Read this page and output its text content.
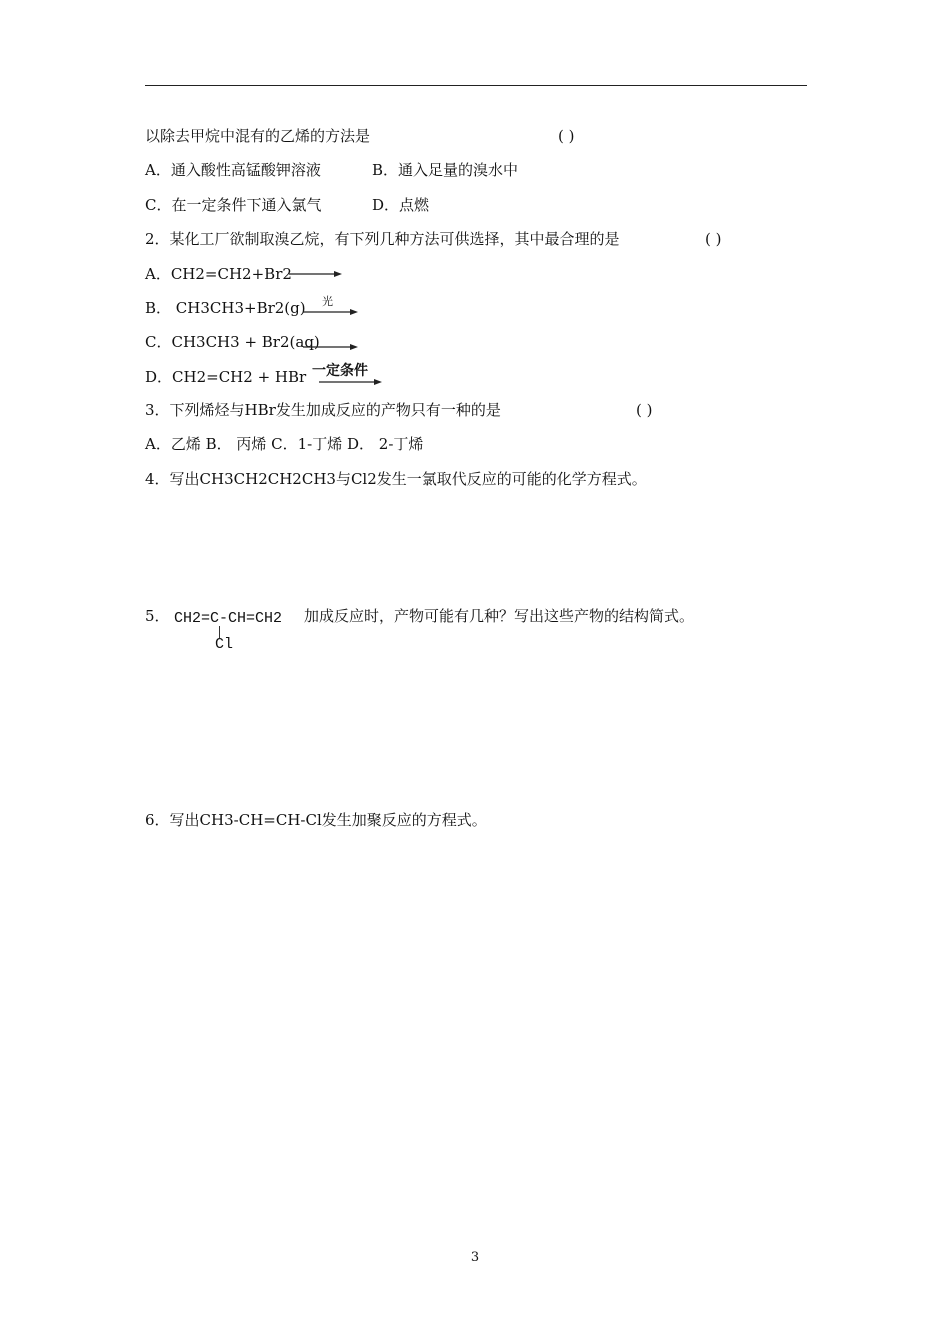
以除去甲烷中混有的乙烯的方法是	( )
A．通入酸性高锰酸钾溶液	B．通入足量的溴水中
C．在一定条件下通入氯气	D．点燃
2．某化工厂欲制取溴乙烷，有下列几种方法可供选择，其中最合理的是	( )
A．CH2=CH2+Br2
B． CH3CH3+Br2(g) 光
C．CH3CH3 + Br2(aq)
D．CH2=CH2 + HBr 一定条件
3．下列烯烃与HBr发生加成反应的产物只有一种的是	( )
A．乙烯 B． 丙烯 C．1-丁烯 D． 2-丁烯
4．写出CH3CH2CH2CH3与Cl2发生一氯取代反应的可能的化学方程式。
5． CH2=C-CH=CH2
Cl
加成反应时，产物可能有几种？写出这些产物的结构简式。
6．写出CH3-CH=CH-Cl发生加聚反应的方程式。
3
